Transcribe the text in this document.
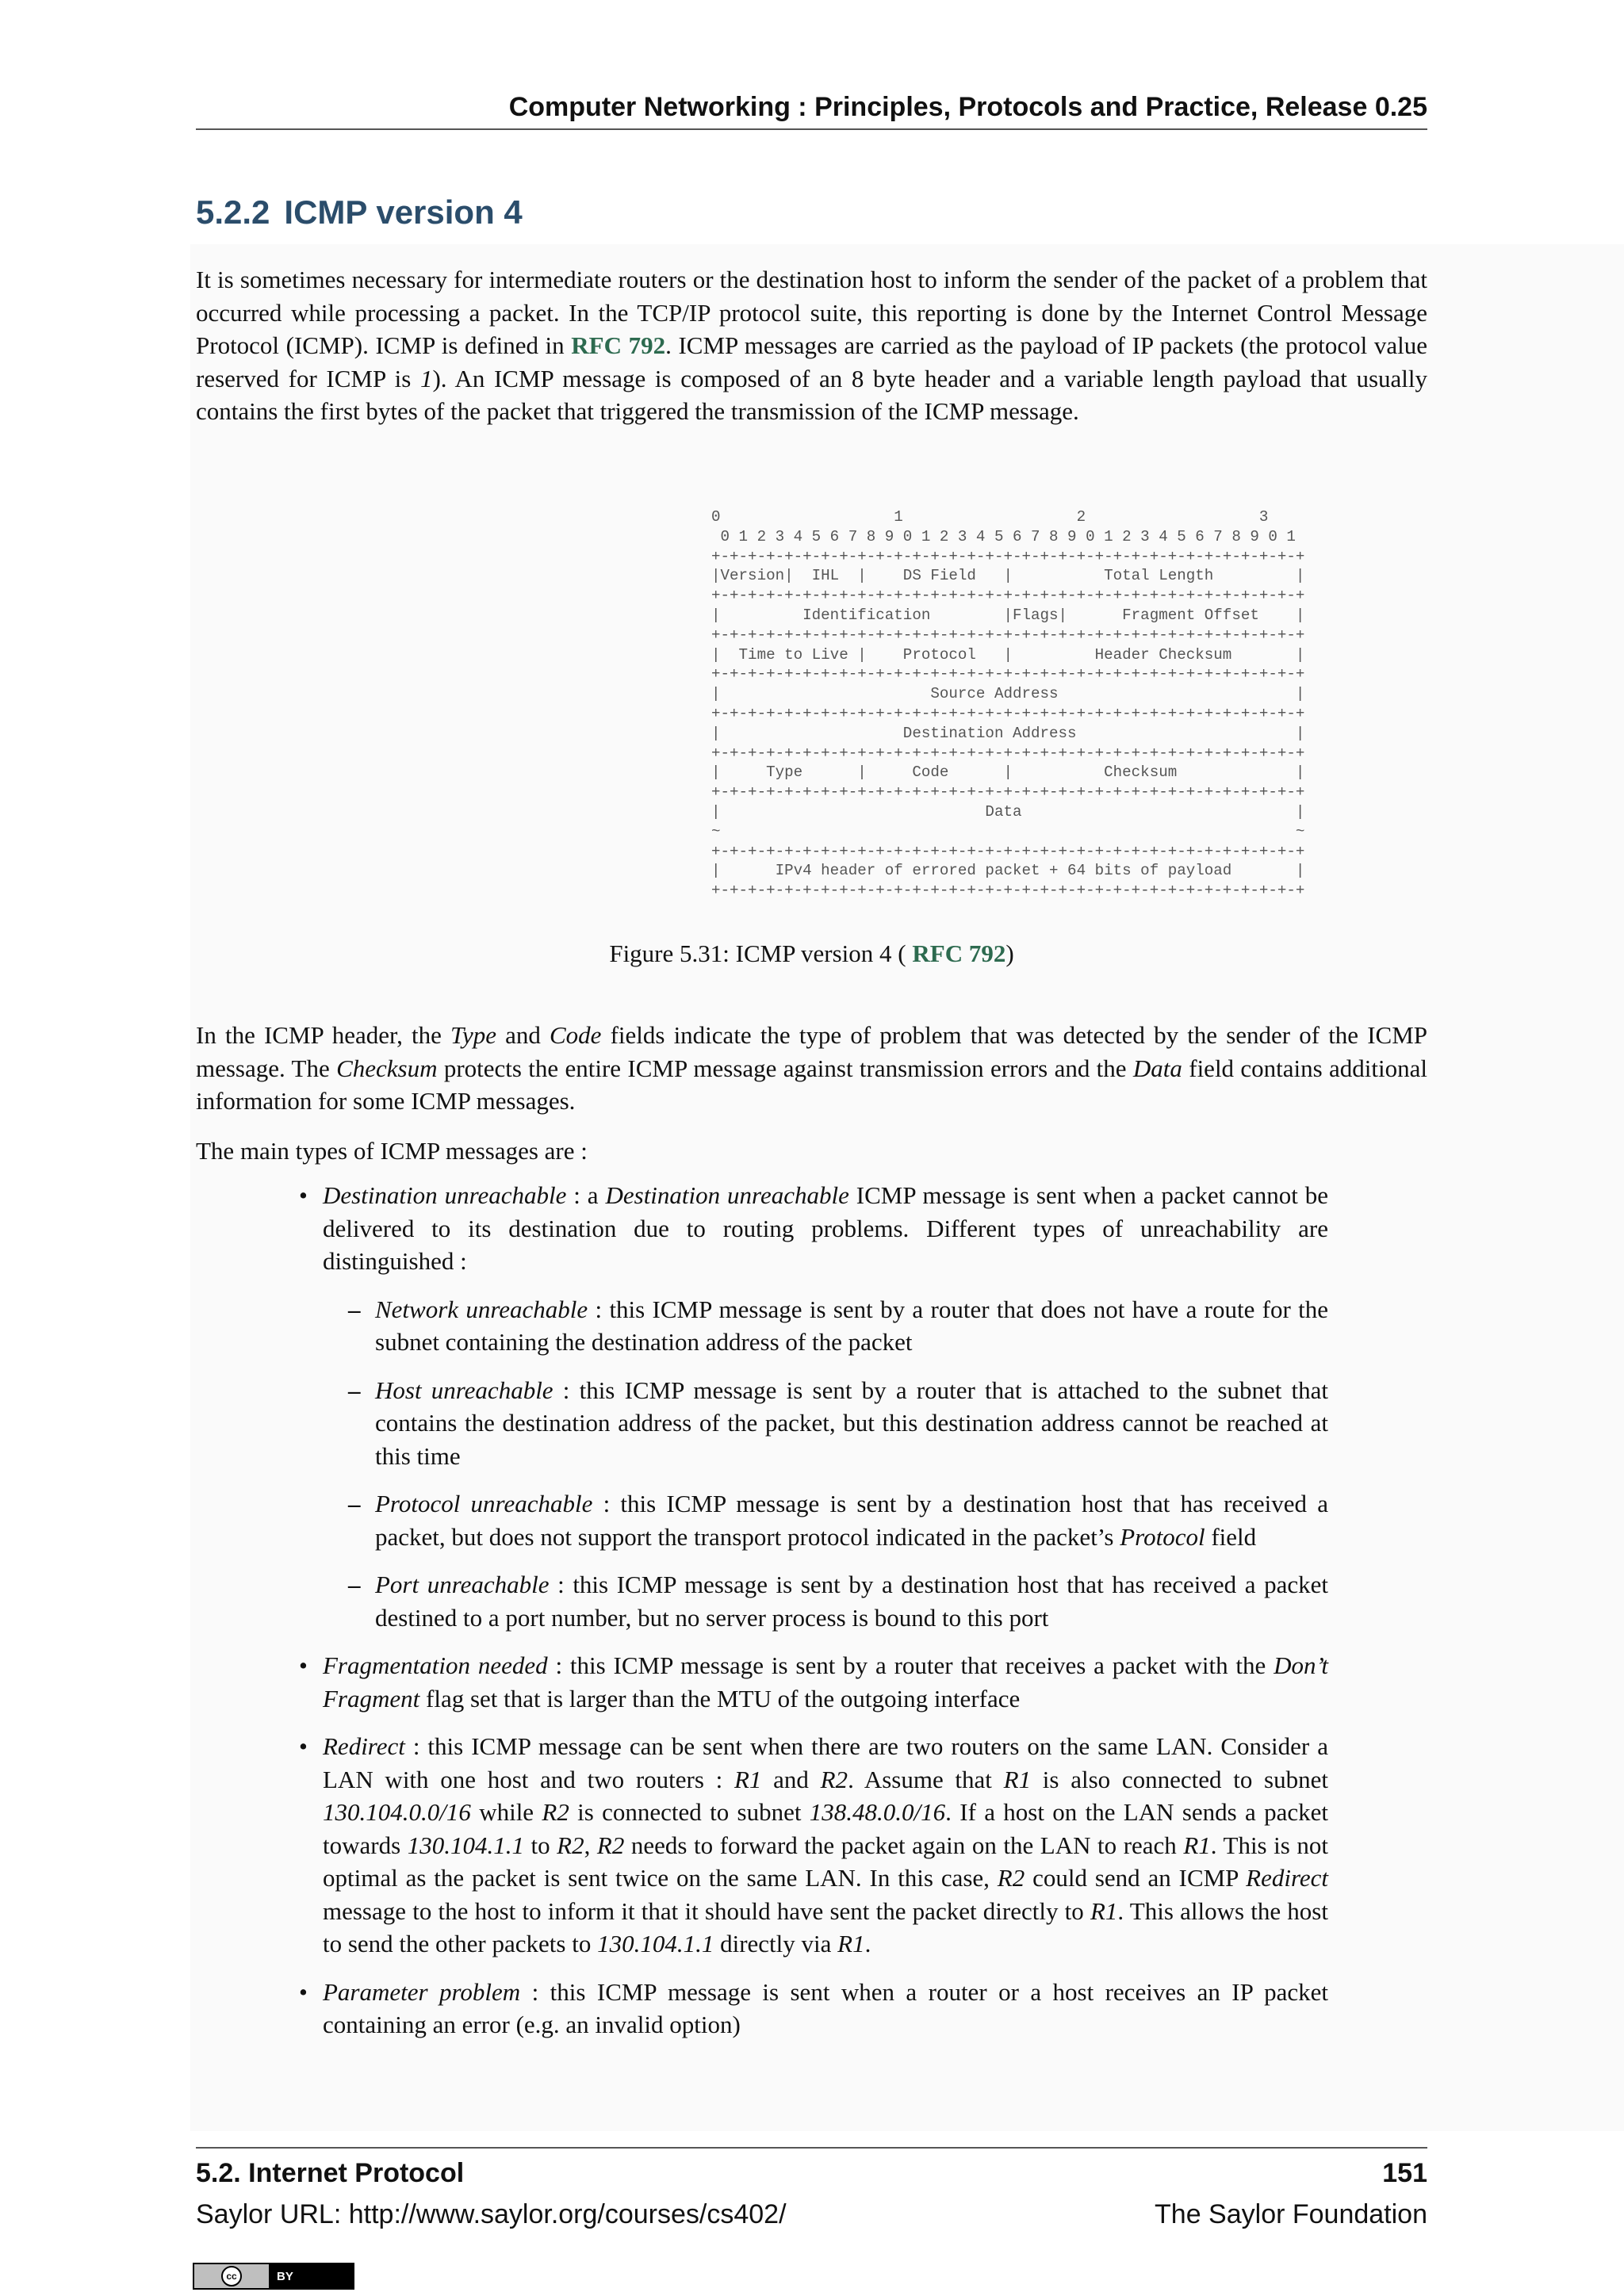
Computer Networking : Principles, Protocols and Practice, Release 0.25
5.2.2 ICMP version 4

It is sometimes necessary for intermediate routers or the destination host to inform the sender of the packet of a problem that occurred while processing a packet. In the TCP/IP protocol suite, this reporting is done by the Internet Control Message Protocol (ICMP). ICMP is defined in RFC 792. ICMP messages are carried as the payload of IP packets (the protocol value reserved for ICMP is 1). An ICMP message is composed of an 8 byte header and a variable length payload that usually contains the first bytes of the packet that triggered the transmission of the ICMP message.

0                   1                   2                   3
0 1 2 3 4 5 6 7 8 9 0 1 2 3 4 5 6 7 8 9 0 1 2 3 4 5 6 7 8 9 0 1
+-+-+-+-+-+-+-+-+-+-+-+-+-+-+-+-+-+-+-+-+-+-+-+-+-+-+-+-+-+-+-+-+
|Version|  IHL  |    DS Field   |          Total Length         |
+-+-+-+-+-+-+-+-+-+-+-+-+-+-+-+-+-+-+-+-+-+-+-+-+-+-+-+-+-+-+-+-+
|         Identification        |Flags|      Fragment Offset    |
+-+-+-+-+-+-+-+-+-+-+-+-+-+-+-+-+-+-+-+-+-+-+-+-+-+-+-+-+-+-+-+-+
|  Time to Live |    Protocol   |         Header Checksum       |
+-+-+-+-+-+-+-+-+-+-+-+-+-+-+-+-+-+-+-+-+-+-+-+-+-+-+-+-+-+-+-+-+
|                       Source Address                          |
+-+-+-+-+-+-+-+-+-+-+-+-+-+-+-+-+-+-+-+-+-+-+-+-+-+-+-+-+-+-+-+-+
|                    Destination Address                        |
+-+-+-+-+-+-+-+-+-+-+-+-+-+-+-+-+-+-+-+-+-+-+-+-+-+-+-+-+-+-+-+-+
|     Type      |     Code      |          Checksum             |
+-+-+-+-+-+-+-+-+-+-+-+-+-+-+-+-+-+-+-+-+-+-+-+-+-+-+-+-+-+-+-+-+
|                             Data                              |
~                                                               ~
+-+-+-+-+-+-+-+-+-+-+-+-+-+-+-+-+-+-+-+-+-+-+-+-+-+-+-+-+-+-+-+-+
|      IPv4 header of errored packet + 64 bits of payload       |
+-+-+-+-+-+-+-+-+-+-+-+-+-+-+-+-+-+-+-+-+-+-+-+-+-+-+-+-+-+-+-+-+
Figure 5.31: ICMP version 4 ( RFC 792)

In the ICMP header, the Type and Code fields indicate the type of problem that was detected by the sender of the ICMP message. The Checksum protects the entire ICMP message against transmission errors and the Data field contains additional information for some ICMP messages.

The main types of ICMP messages are :

• Destination unreachable : a Destination unreachable ICMP message is sent when a packet cannot be delivered to its destination due to routing problems. Different types of unreachability are distinguished :
– Network unreachable : this ICMP message is sent by a router that does not have a route for the subnet containing the destination address of the packet
– Host unreachable : this ICMP message is sent by a router that is attached to the subnet that contains the destination address of the packet, but this destination address cannot be reached at this time
– Protocol unreachable : this ICMP message is sent by a destination host that has received a packet, but does not support the transport protocol indicated in the packet’s Protocol field
– Port unreachable : this ICMP message is sent by a destination host that has received a packet destined to a port number, but no server process is bound to this port
• Fragmentation needed : this ICMP message is sent by a router that receives a packet with the Don’t Fragment flag set that is larger than the MTU of the outgoing interface
• Redirect : this ICMP message can be sent when there are two routers on the same LAN. Consider a LAN with one host and two routers : R1 and R2. Assume that R1 is also connected to subnet 130.104.0.0/16 while R2 is connected to subnet 138.48.0.0/16. If a host on the LAN sends a packet towards 130.104.1.1 to R2, R2 needs to forward the packet again on the LAN to reach R1. This is not optimal as the packet is sent twice on the same LAN. In this case, R2 could send an ICMP Redirect message to the host to inform it that it should have sent the packet directly to R1. This allows the host to send the other packets to 130.104.1.1 directly via R1.
• Parameter problem : this ICMP message is sent when a router or a host receives an IP packet containing an error (e.g. an invalid option)
5.2. Internet Protocol	151
Saylor URL: http://www.saylor.org/courses/cs402/	The Saylor Foundation
cc	BY
